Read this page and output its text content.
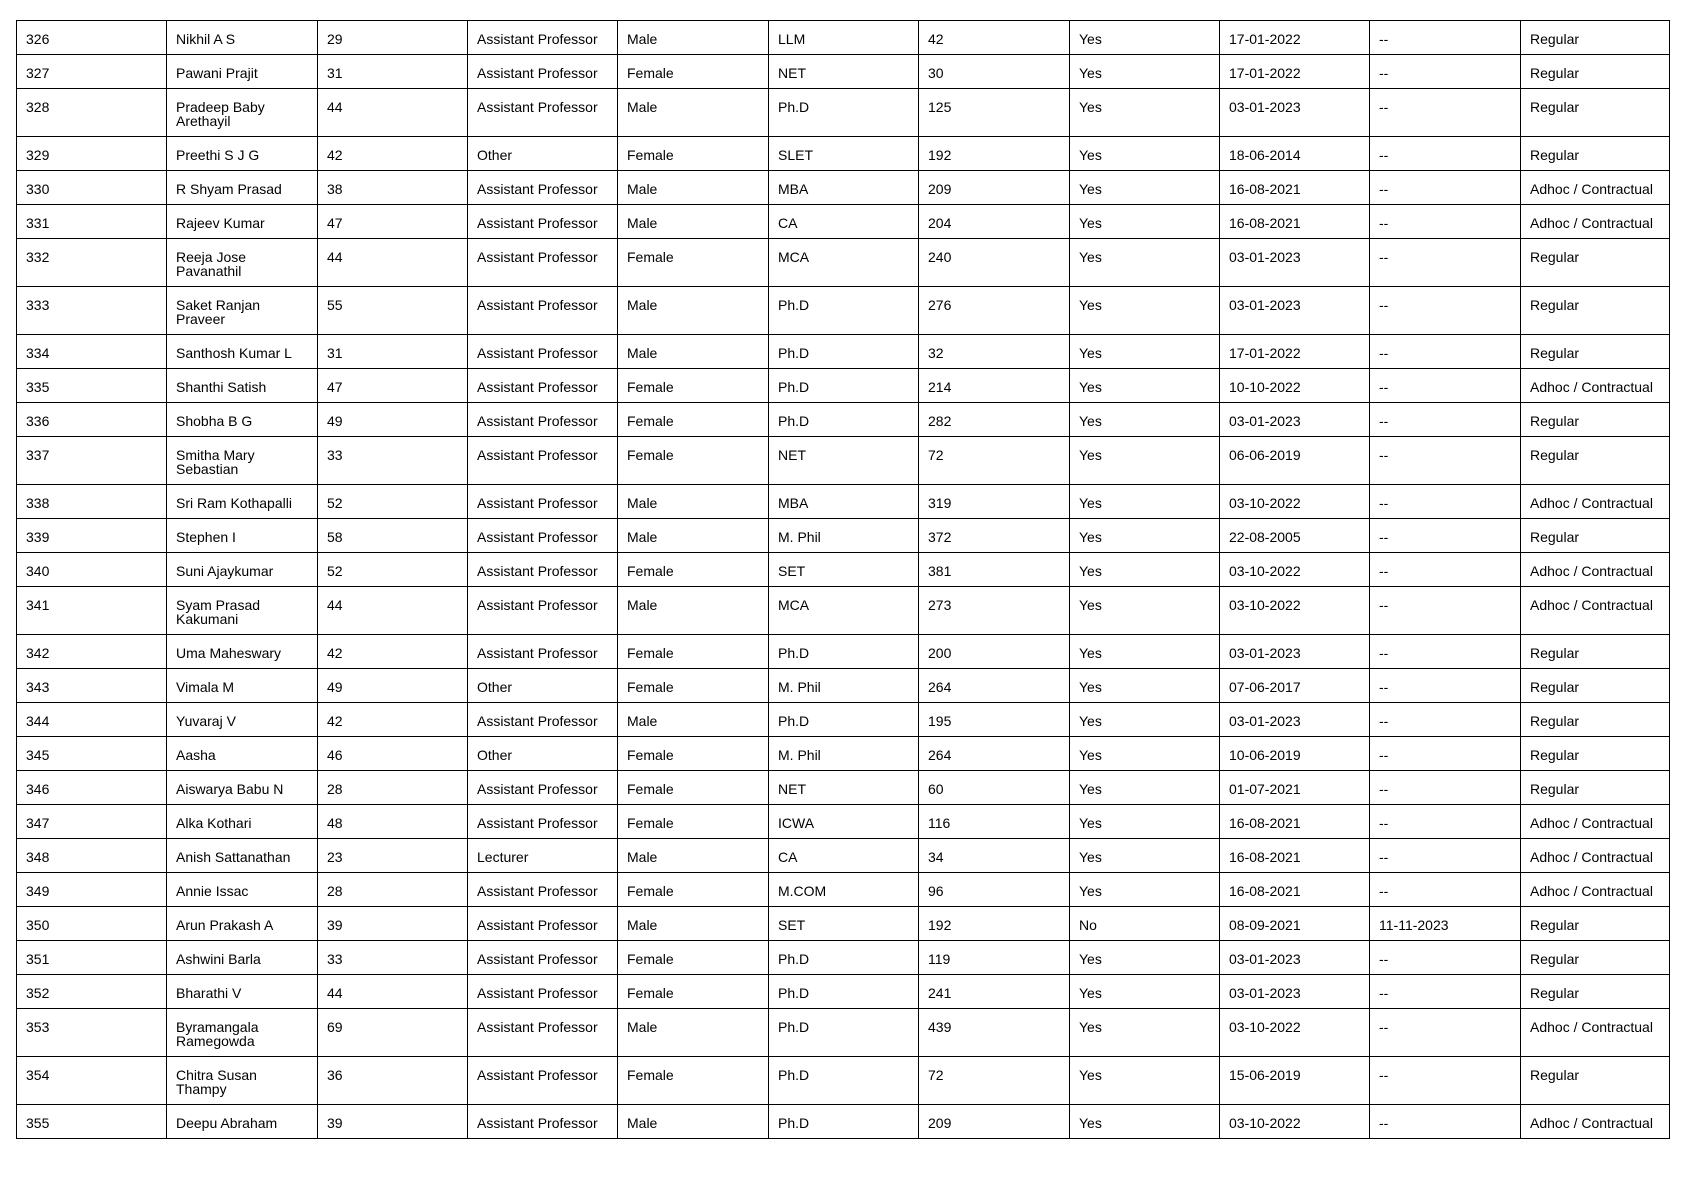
326	Nikhil A S	29	Assistant Professor	Male	LLM	42	Yes	17-01-2022	--	Regular
327	Pawani Prajit	31	Assistant Professor	Female	NET	30	Yes	17-01-2022	--	Regular
328	Pradeep Baby Arethayil	44	Assistant Professor	Male	Ph.D	125	Yes	03-01-2023	--	Regular
329	Preethi S J G	42	Other	Female	SLET	192	Yes	18-06-2014	--	Regular
330	R Shyam Prasad	38	Assistant Professor	Male	MBA	209	Yes	16-08-2021	--	Adhoc / Contractual
331	Rajeev Kumar	47	Assistant Professor	Male	CA	204	Yes	16-08-2021	--	Adhoc / Contractual
332	Reeja Jose Pavanathil	44	Assistant Professor	Female	MCA	240	Yes	03-01-2023	--	Regular
333	Saket Ranjan Praveer	55	Assistant Professor	Male	Ph.D	276	Yes	03-01-2023	--	Regular
334	Santhosh Kumar L	31	Assistant Professor	Male	Ph.D	32	Yes	17-01-2022	--	Regular
335	Shanthi Satish	47	Assistant Professor	Female	Ph.D	214	Yes	10-10-2022	--	Adhoc / Contractual
336	Shobha B G	49	Assistant Professor	Female	Ph.D	282	Yes	03-01-2023	--	Regular
337	Smitha Mary Sebastian	33	Assistant Professor	Female	NET	72	Yes	06-06-2019	--	Regular
338	Sri Ram Kothapalli	52	Assistant Professor	Male	MBA	319	Yes	03-10-2022	--	Adhoc / Contractual
339	Stephen I	58	Assistant Professor	Male	M. Phil	372	Yes	22-08-2005	--	Regular
340	Suni Ajaykumar	52	Assistant Professor	Female	SET	381	Yes	03-10-2022	--	Adhoc / Contractual
341	Syam Prasad Kakumani	44	Assistant Professor	Male	MCA	273	Yes	03-10-2022	--	Adhoc / Contractual
342	Uma Maheswary	42	Assistant Professor	Female	Ph.D	200	Yes	03-01-2023	--	Regular
343	Vimala M	49	Other	Female	M. Phil	264	Yes	07-06-2017	--	Regular
344	Yuvaraj V	42	Assistant Professor	Male	Ph.D	195	Yes	03-01-2023	--	Regular
345	Aasha	46	Other	Female	M. Phil	264	Yes	10-06-2019	--	Regular
346	Aiswarya Babu N	28	Assistant Professor	Female	NET	60	Yes	01-07-2021	--	Regular
347	Alka Kothari	48	Assistant Professor	Female	ICWA	116	Yes	16-08-2021	--	Adhoc / Contractual
348	Anish Sattanathan	23	Lecturer	Male	CA	34	Yes	16-08-2021	--	Adhoc / Contractual
349	Annie Issac	28	Assistant Professor	Female	M.COM	96	Yes	16-08-2021	--	Adhoc / Contractual
350	Arun Prakash A	39	Assistant Professor	Male	SET	192	No	08-09-2021	11-11-2023	Regular
351	Ashwini Barla	33	Assistant Professor	Female	Ph.D	119	Yes	03-01-2023	--	Regular
352	Bharathi V	44	Assistant Professor	Female	Ph.D	241	Yes	03-01-2023	--	Regular
353	Byramangala Ramegowda	69	Assistant Professor	Male	Ph.D	439	Yes	03-10-2022	--	Adhoc / Contractual
354	Chitra Susan Thampy	36	Assistant Professor	Female	Ph.D	72	Yes	15-06-2019	--	Regular
355	Deepu Abraham	39	Assistant Professor	Male	Ph.D	209	Yes	03-10-2022	--	Adhoc / Contractual
